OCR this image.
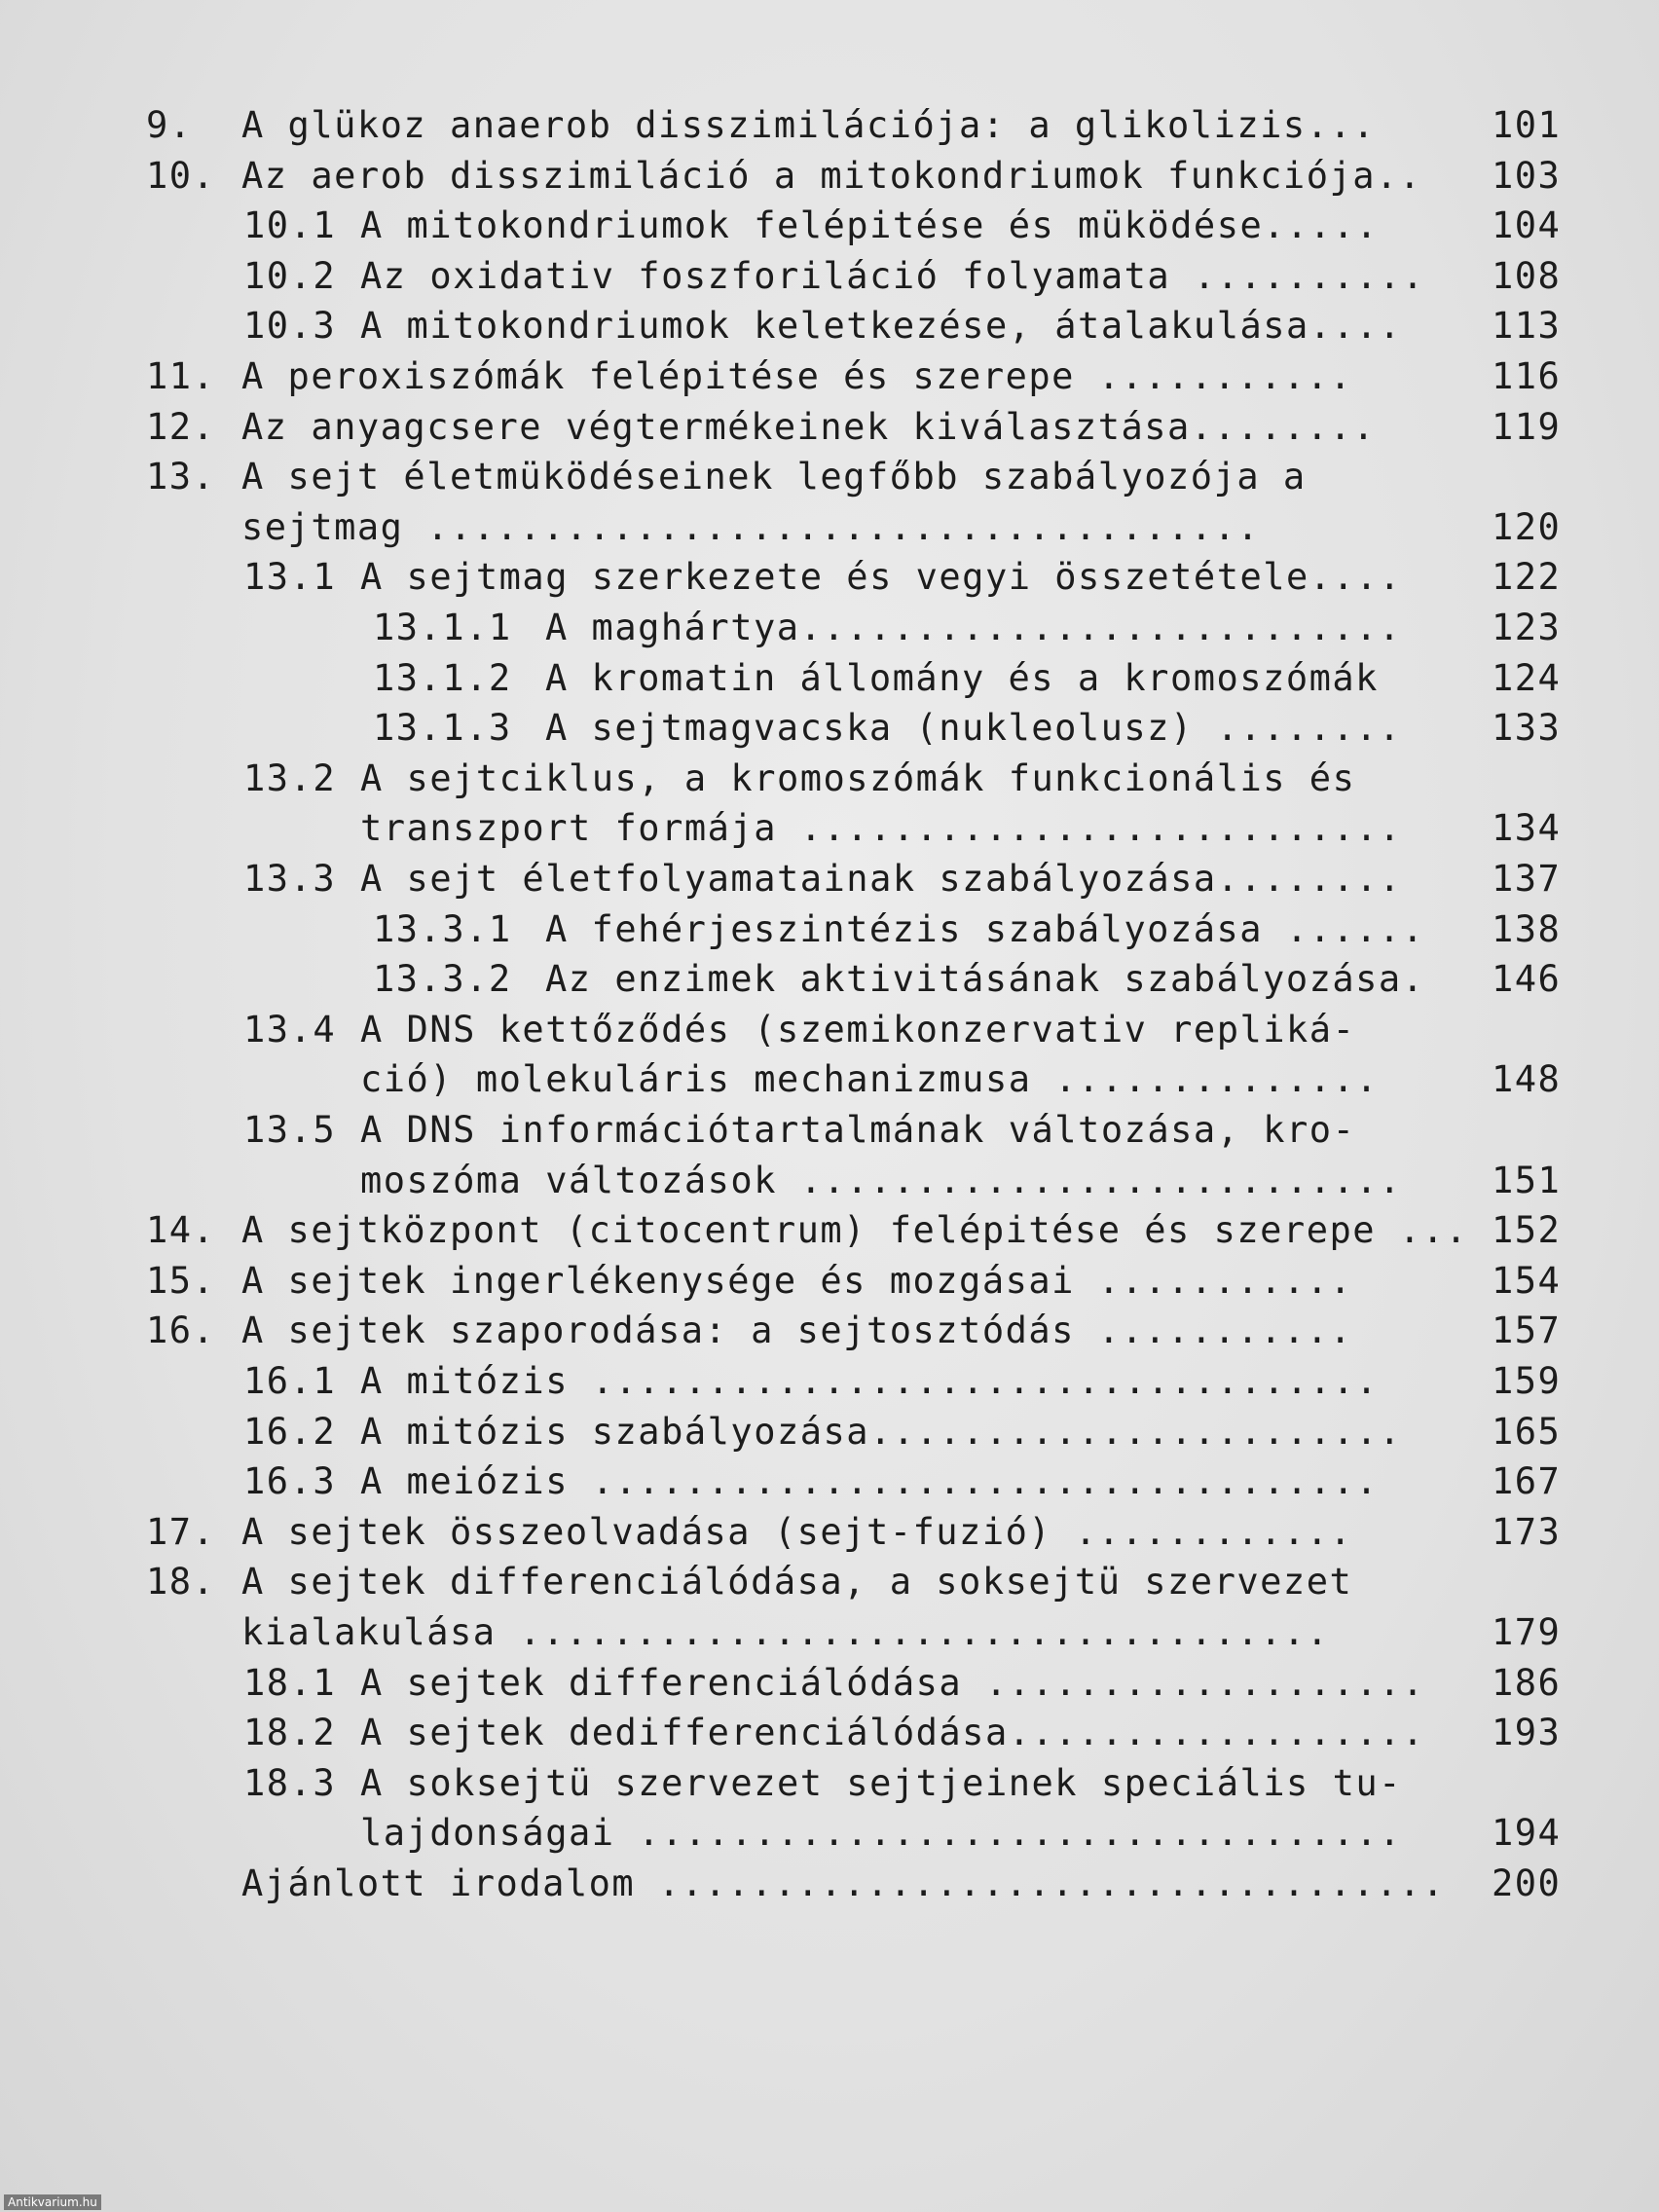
9. A glükoz anaerob disszimilációja: a glikolizis...	101
10. Az aerob disszimiláció a mitokondriumok funkciója..	103
10.1 A mitokondriumok felépitése és müködése.....	104
10.2 Az oxidativ foszforiláció folyamata ..........	108
10.3 A mitokondriumok keletkezése, átalakulása....	113
11. A peroxiszómák felépitése és szerepe ...........	116
12. Az anyagcsere végtermékeinek kiválasztása........	119
13. A sejt életmüködéseinek legfőbb szabályozója a
sejtmag ....................................	120
13.1 A sejtmag szerkezete és vegyi összetétele....	122
13.1.1 A maghártya..........................	123
13.1.2 A kromatin állomány és a kromoszómák	124
13.1.3 A sejtmagvacska (nukleolusz) ........	133
13.2 A sejtciklus, a kromoszómák funkcionális és
transzport formája ..........................	134
13.3 A sejt életfolyamatainak szabályozása........	137
13.3.1 A fehérjeszintézis szabályozása ......	138
13.3.2 Az enzimek aktivitásának szabályozása.	146
13.4 A DNS kettőződés (szemikonzervativ repliká-
ció) molekuláris mechanizmusa ..............	148
13.5 A DNS információtartalmának változása, kro-
moszóma változások ..........................	151
14. A sejtközpont (citocentrum) felépitése és szerepe ... 152
15. A sejtek ingerlékenysége és mozgásai ...........	154
16. A sejtek szaporodása: a sejtosztódás ...........	157
16.1 A mitózis ..................................	159
16.2 A mitózis szabályozása.......................	165
16.3 A meiózis ..................................	167
17. A sejtek összeolvadása (sejt-fuzió) ............	173
18. A sejtek differenciálódása, a soksejtü szervezet
kialakulása ...................................	179
18.1 A sejtek differenciálódása ...................	186
18.2 A sejtek dedifferenciálódása..................	193
18.3 A soksejtü szervezet sejtjeinek speciális tu-
lajdonságai .................................	194
Ajánlott irodalom ..................................	200
Antikvarium.hu
